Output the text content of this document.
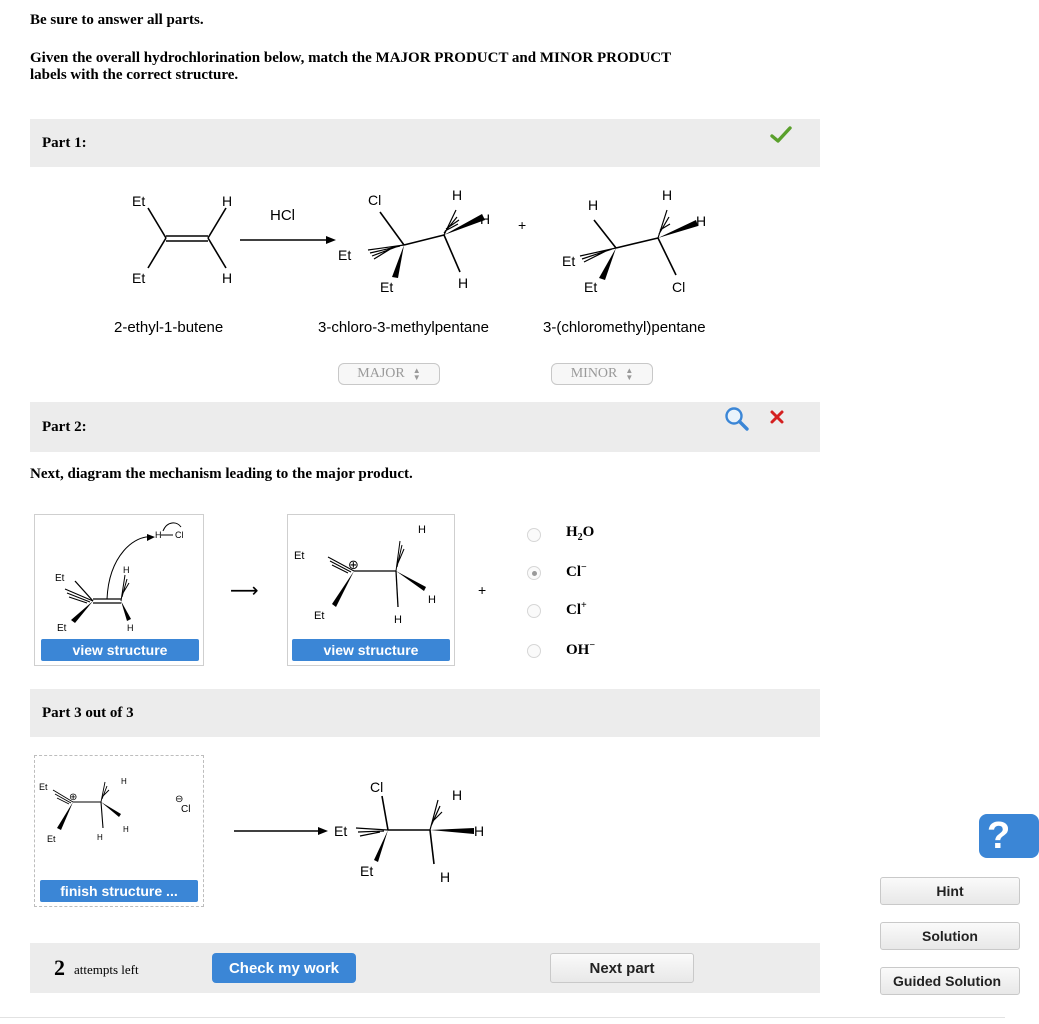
Be sure to answer all parts.
Given the overall hydrochlorination below, match the MAJOR PRODUCT and MINOR PRODUCT
labels with the correct structure.
Part 1:
Et
Et
H
H
HCl
Cl
Et
Et
H
H
H
+
H
Et
Et
H
H
Cl
2-ethyl-1-butene	3-chloro-3-methylpentane	3-(chloromethyl)pentane
MAJOR ▲
▼	MINOR ▲
▼
Part 2:
Next, diagram the mechanism leading to the major product.
Et
Et
H
H
H Cl
view structure
⟶
Et
Et
⊕
H
H
H
view structure
+
$H_2O$
Cl−
Cl+
OH−
Part 3 out of 3
Et
Et
⊕
H
H
H
⊖
Cl
finish structure ...
Cl
Et
Et
H
H
H
2 attempts left	Check my work	Next part
?
Hint
Solution
Guided Solution
